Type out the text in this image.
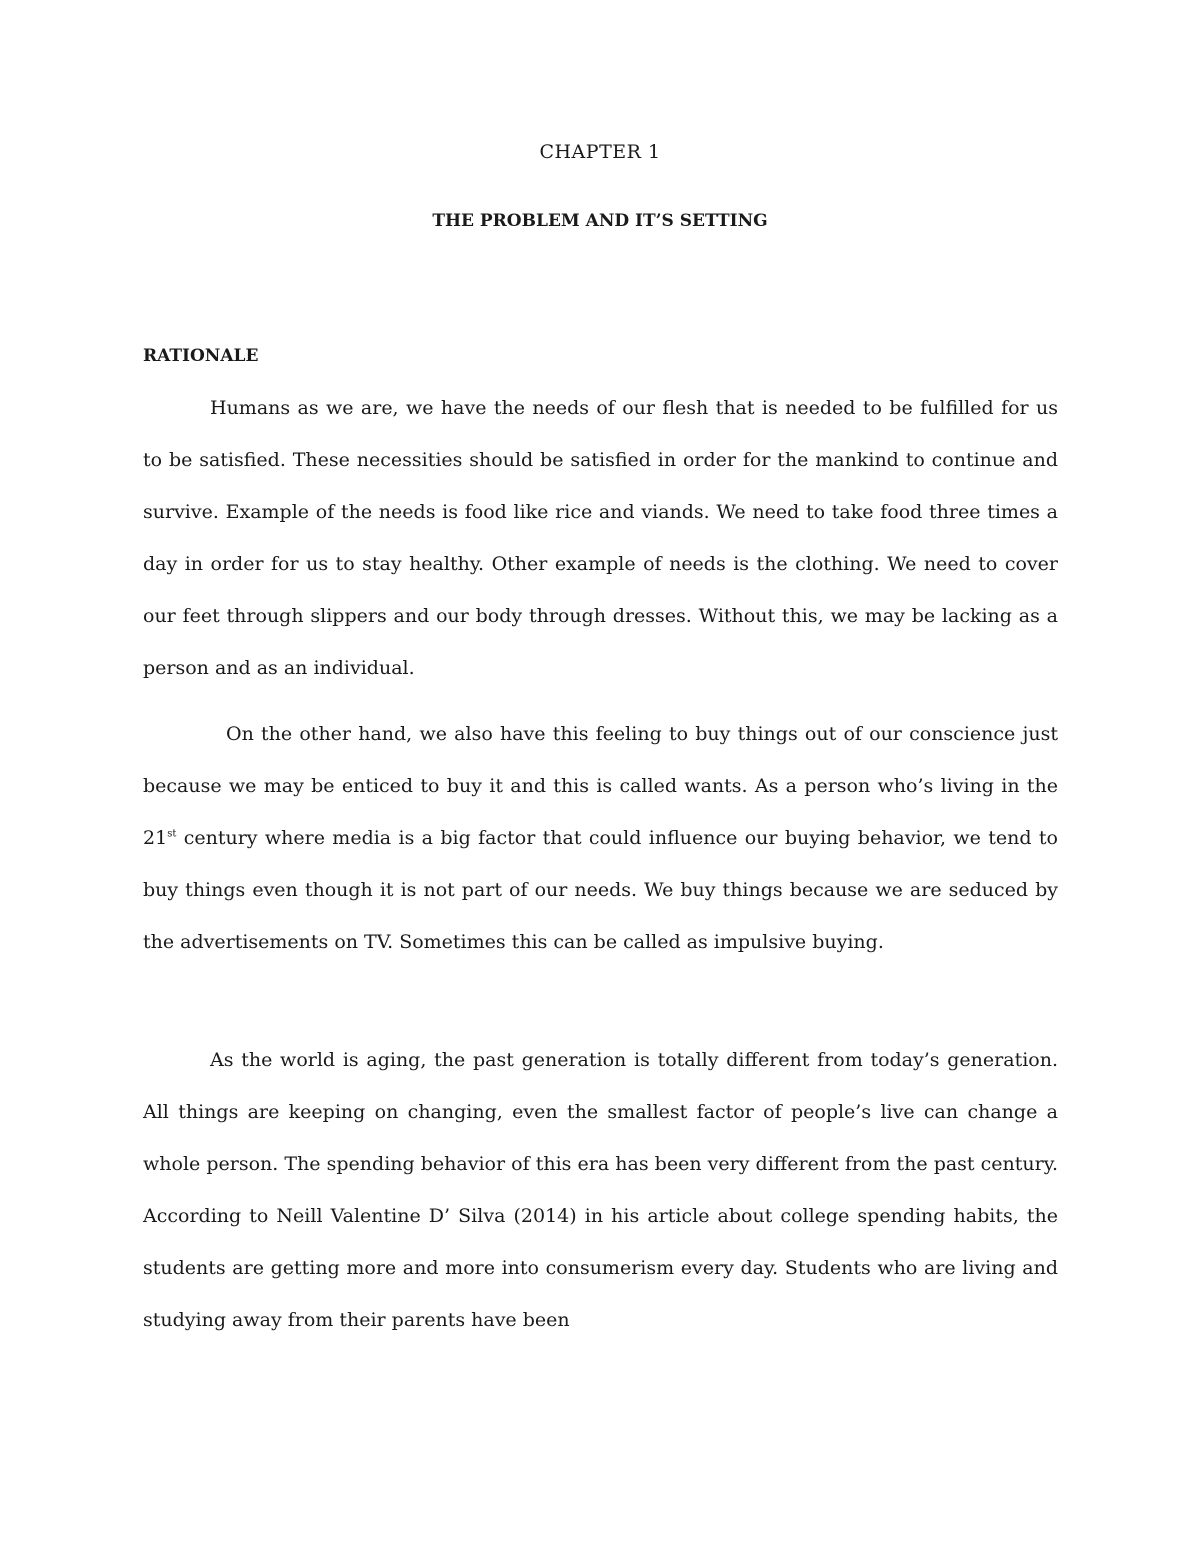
CHAPTER 1
THE PROBLEM AND IT’S SETTING
RATIONALE

Humans as we are, we have the needs of our flesh that is needed to be fulfilled for us to be satisfied. These necessities should be satisfied in order for the mankind to continue and survive. Example of the needs is food like rice and viands. We need to take food three times a day in order for us to stay healthy. Other example of needs is the clothing. We need to cover our feet through slippers and our body through dresses. Without this, we may be lacking as a person and as an individual.

On the other hand, we also have this feeling to buy things out of our conscience just because we may be enticed to buy it and this is called wants. As a person who’s living in the 21st century where media is a big factor that could influence our buying behavior, we tend to buy things even though it is not part of our needs. We buy things because we are seduced by the advertisements on TV. Sometimes this can be called as impulsive buying.

As the world is aging, the past generation is totally different from today’s generation. All things are keeping on changing, even the smallest factor of people’s live can change a whole person. The spending behavior of this era has been very different from the past century. According to Neill Valentine D’ Silva (2014) in his article about college spending habits, the students are getting more and more into consumerism every day. Students who are living and studying away from their parents have been
